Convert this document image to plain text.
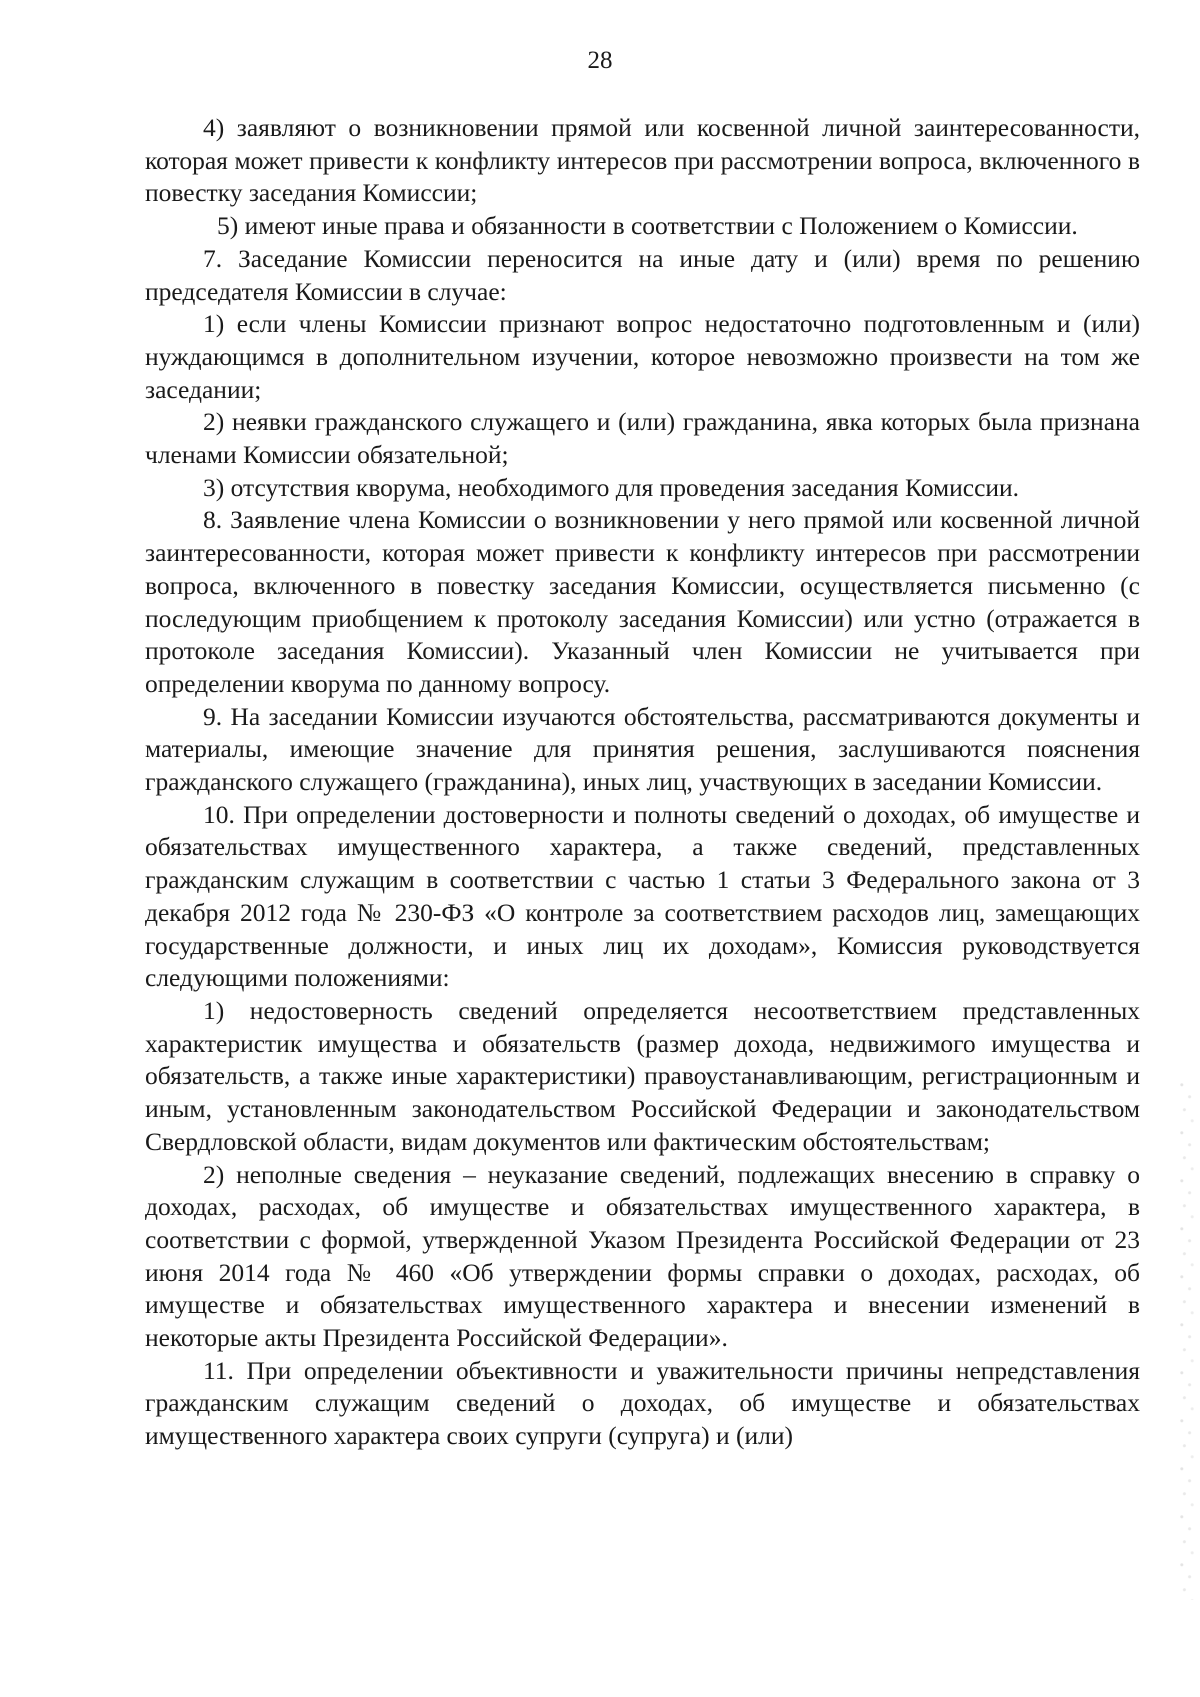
28

4) заявляют о возникновении прямой или косвенной личной заинтересованности, которая может привести к конфликту интересов при рассмотрении вопроса, включенного в повестку заседания Комиссии;

5) имеют иные права и обязанности в соответствии с Положением о Комиссии.

7. Заседание Комиссии переносится на иные дату и (или) время по решению председателя Комиссии в случае:

1) если члены Комиссии признают вопрос недостаточно подготовленным и (или) нуждающимся в дополнительном изучении, которое невозможно произвести на том же заседании;

2) неявки гражданского служащего и (или) гражданина, явка которых была признана членами Комиссии обязательной;

3) отсутствия кворума, необходимого для проведения заседания Комиссии.

8. Заявление члена Комиссии о возникновении у него прямой или косвенной личной заинтересованности, которая может привести к конфликту интересов при рассмотрении вопроса, включенного в повестку заседания Комиссии, осуществляется письменно (с последующим приобщением к протоколу заседания Комиссии) или устно (отражается в протоколе заседания Комиссии). Указанный член Комиссии не учитывается при определении кворума по данному вопросу.

9. На заседании Комиссии изучаются обстоятельства, рассматриваются документы и материалы, имеющие значение для принятия решения, заслушиваются пояснения гражданского служащего (гражданина), иных лиц, участвующих в заседании Комиссии.

10. При определении достоверности и полноты сведений о доходах, об имуществе и обязательствах имущественного характера, а также сведений, представленных гражданским служащим в соответствии с частью 1 статьи 3 Федерального закона от 3 декабря 2012 года № 230-ФЗ «О контроле за соответствием расходов лиц, замещающих государственные должности, и иных лиц их доходам», Комиссия руководствуется следующими положениями:

1) недостоверность сведений определяется несоответствием представленных характеристик имущества и обязательств (размер дохода, недвижимого имущества и обязательств, а также иные характеристики) правоустанавливающим, регистрационным и иным, установленным законодательством Российской Федерации и законодательством Свердловской области, видам документов или фактическим обстоятельствам;

2) неполные сведения – неуказание сведений, подлежащих внесению в справку о доходах, расходах, об имуществе и обязательствах имущественного характера, в соответствии с формой, утвержденной Указом Президента Российской Федерации от 23 июня 2014 года № 460 «Об утверждении формы справки о доходах, расходах, об имуществе и обязательствах имущественного характера и внесении изменений в некоторые акты Президента Российской Федерации».

11. При определении объективности и уважительности причины непредставления гражданским служащим сведений о доходах, об имуществе и обязательствах имущественного характера своих супруги (супруга) и (или)
